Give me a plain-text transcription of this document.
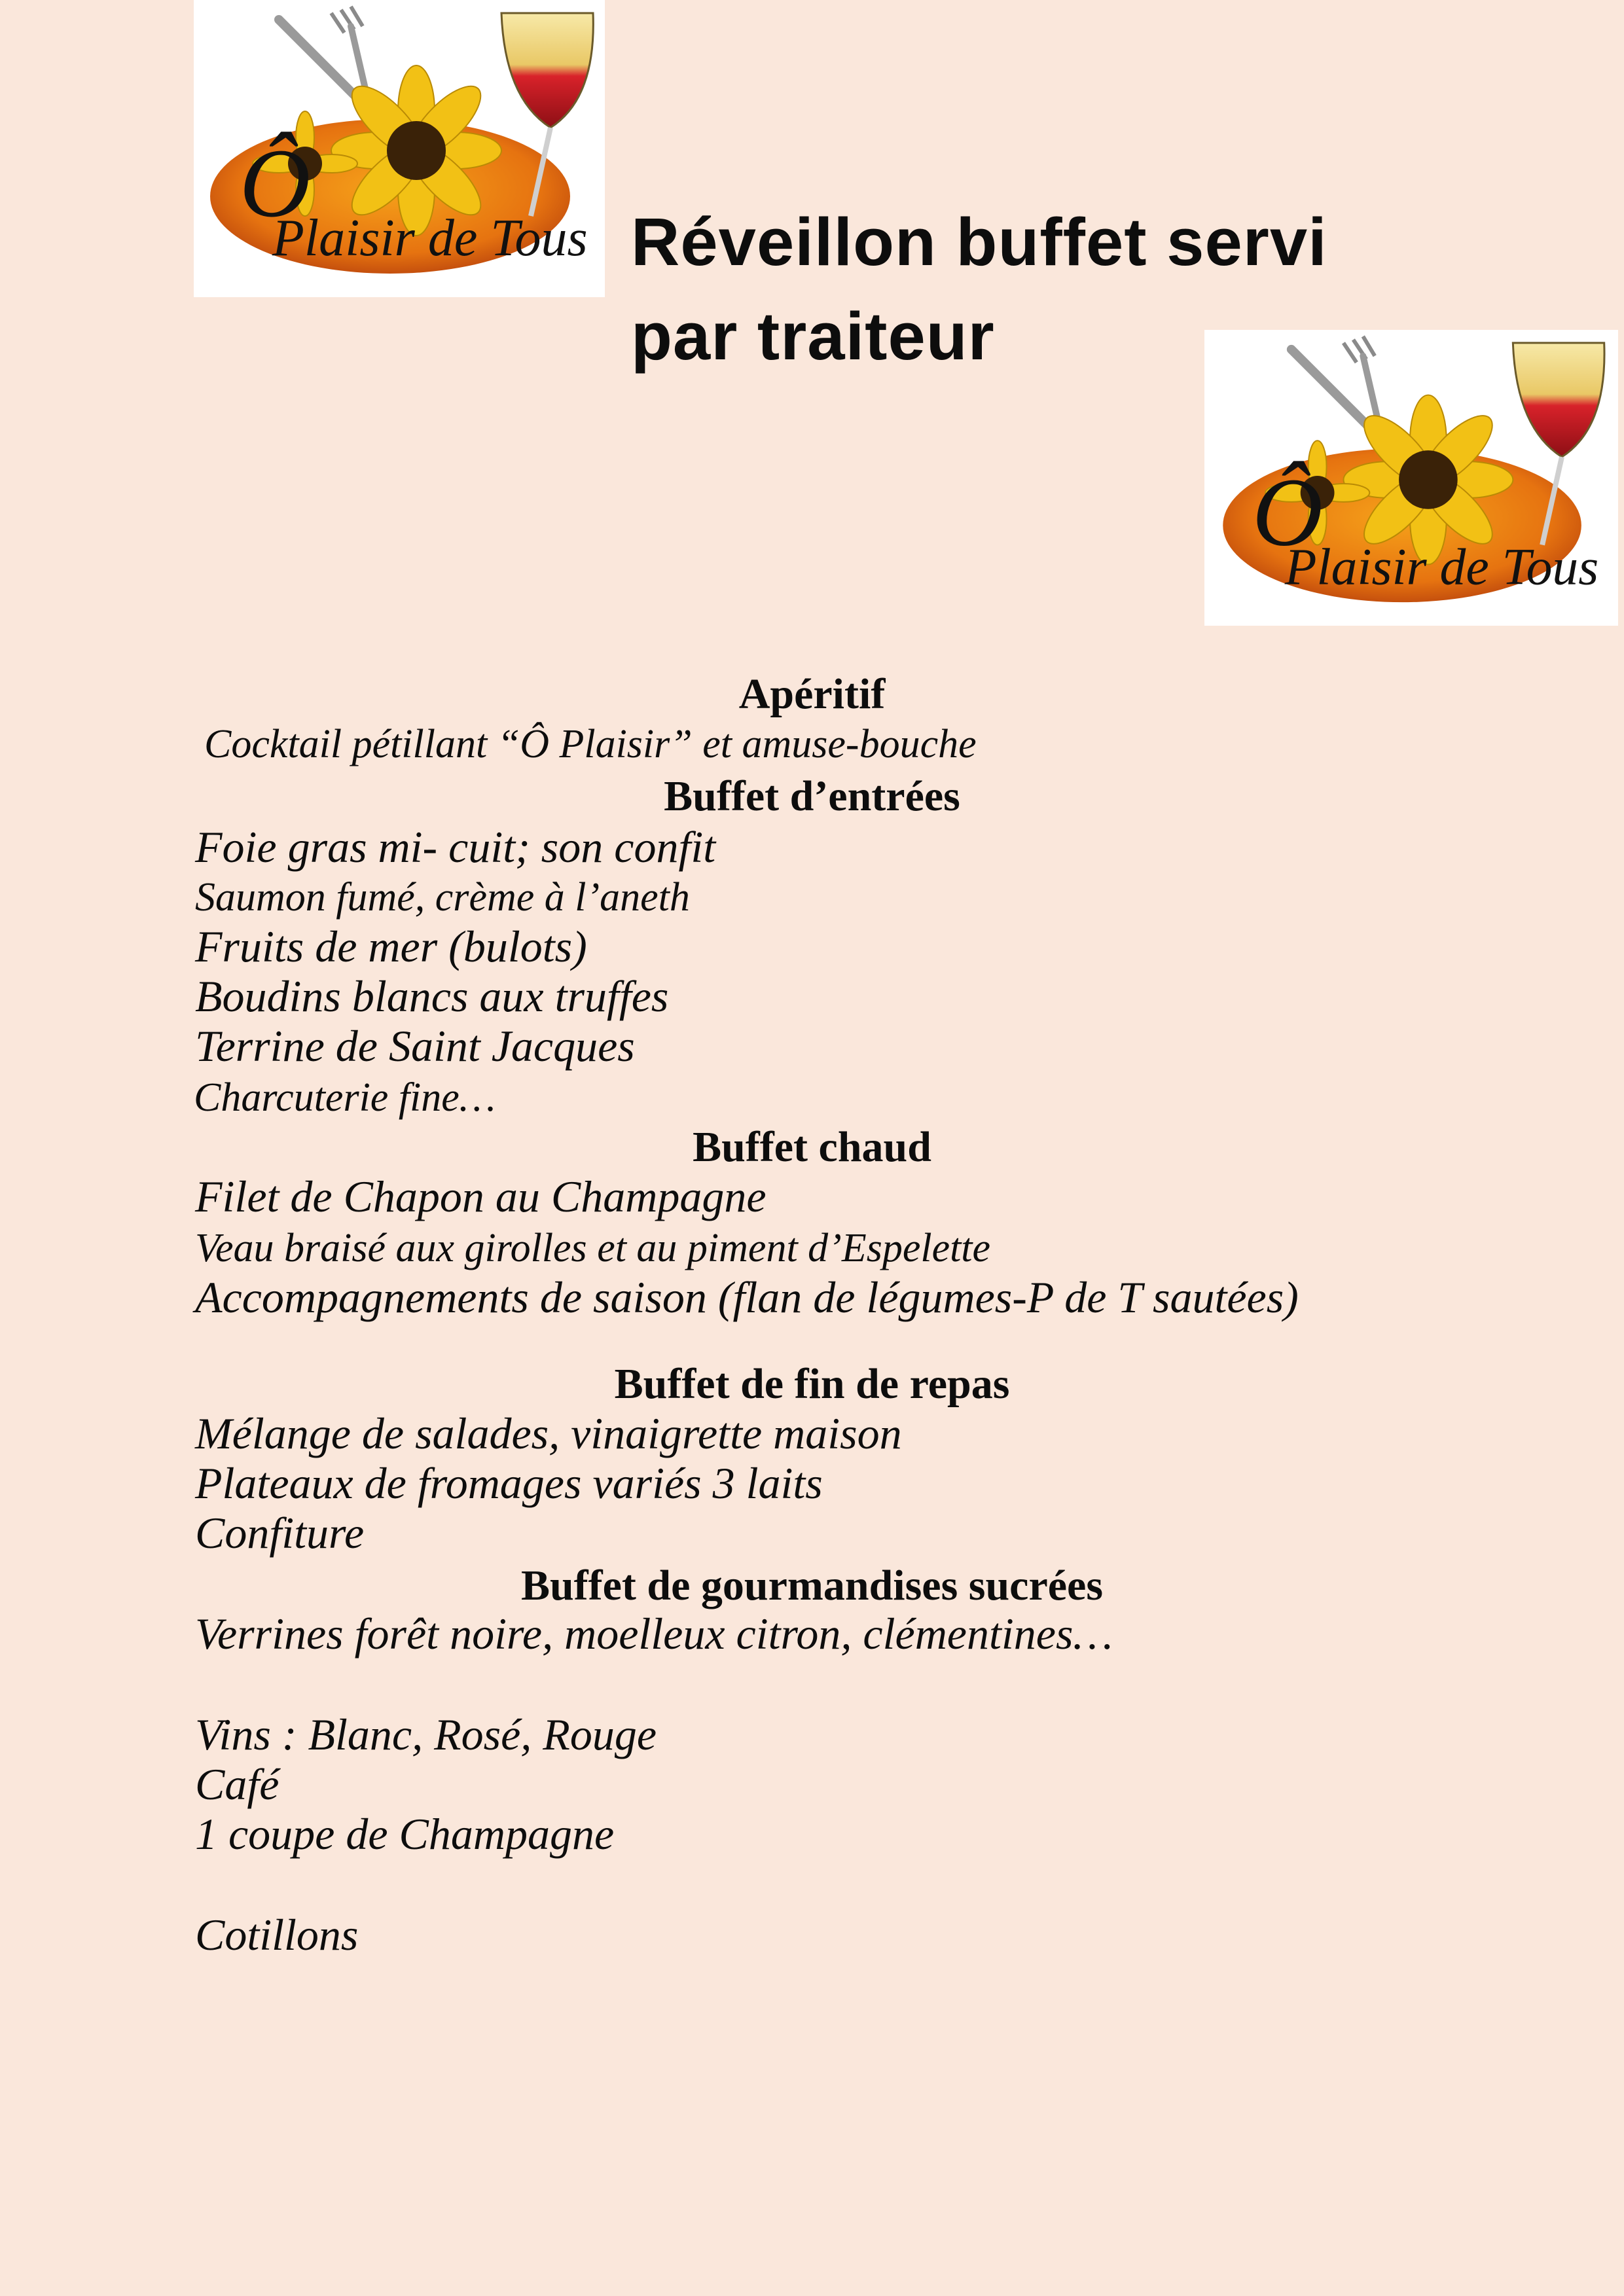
Ô
Plaisir de Tous Réveillon buffet servi
par traiteur
Ô
Plaisir de Tous
Apéritif
Cocktail pétillant “Ô Plaisir” et amuse-bouche
Buffet d’entrées
Foie gras mi- cuit; son confit
Saumon fumé, crème à l’aneth
Fruits de mer (bulots)
Boudins blancs aux truffes
Terrine de Saint Jacques
Charcuterie fine…
Buffet chaud
Filet de Chapon au Champagne
Veau braisé aux girolles et au piment d’Espelette
Accompagnements de saison (flan de légumes-P de T sautées)
Buffet de fin de repas
Mélange de salades, vinaigrette maison
Plateaux de fromages variés 3 laits
Confiture
Buffet de gourmandises sucrées
Verrines forêt noire, moelleux citron, clémentines…
Vins : Blanc, Rosé, Rouge
Café
1 coupe de Champagne
Cotillons
